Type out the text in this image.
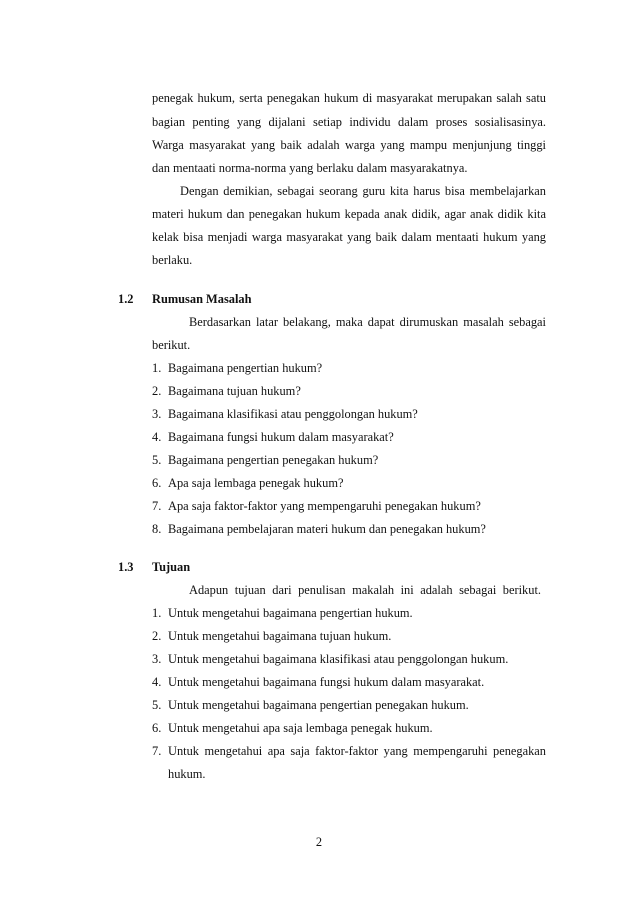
penegak hukum, serta penegakan hukum di masyarakat merupakan salah satu
bagian penting yang dijalani setiap individu dalam proses sosialisasinya.
Warga masyarakat yang baik adalah warga yang mampu menjunjung tinggi
dan mentaati norma-norma yang berlaku dalam masyarakatnya.
Dengan demikian, sebagai seorang guru kita harus bisa membelajarkan
materi hukum dan penegakan hukum kepada anak didik, agar anak didik kita
kelak bisa menjadi warga masyarakat yang baik dalam mentaati hukum yang
berlaku.
1.2 Rumusan Masalah
Berdasarkan latar belakang, maka dapat dirumuskan masalah sebagai
berikut.
1. Bagaimana pengertian hukum?
2. Bagaimana tujuan hukum?
3. Bagaimana klasifikasi atau penggolongan hukum?
4. Bagaimana fungsi hukum dalam masyarakat?
5. Bagaimana pengertian penegakan hukum?
6. Apa saja lembaga penegak hukum?
7. Apa saja faktor-faktor yang mempengaruhi penegakan hukum?
8. Bagaimana pembelajaran materi hukum dan penegakan hukum?
1.3 Tujuan
Adapun tujuan dari penulisan makalah ini adalah sebagai berikut.
1. Untuk mengetahui bagaimana pengertian hukum.
2. Untuk mengetahui bagaimana tujuan hukum.
3. Untuk mengetahui bagaimana klasifikasi atau penggolongan hukum.
4. Untuk mengetahui bagaimana fungsi hukum dalam masyarakat.
5. Untuk mengetahui bagaimana pengertian penegakan hukum.
6. Untuk mengetahui apa saja lembaga penegak hukum.
7. Untuk mengetahui apa saja faktor-faktor yang mempengaruhi penegakan
hukum.
2
